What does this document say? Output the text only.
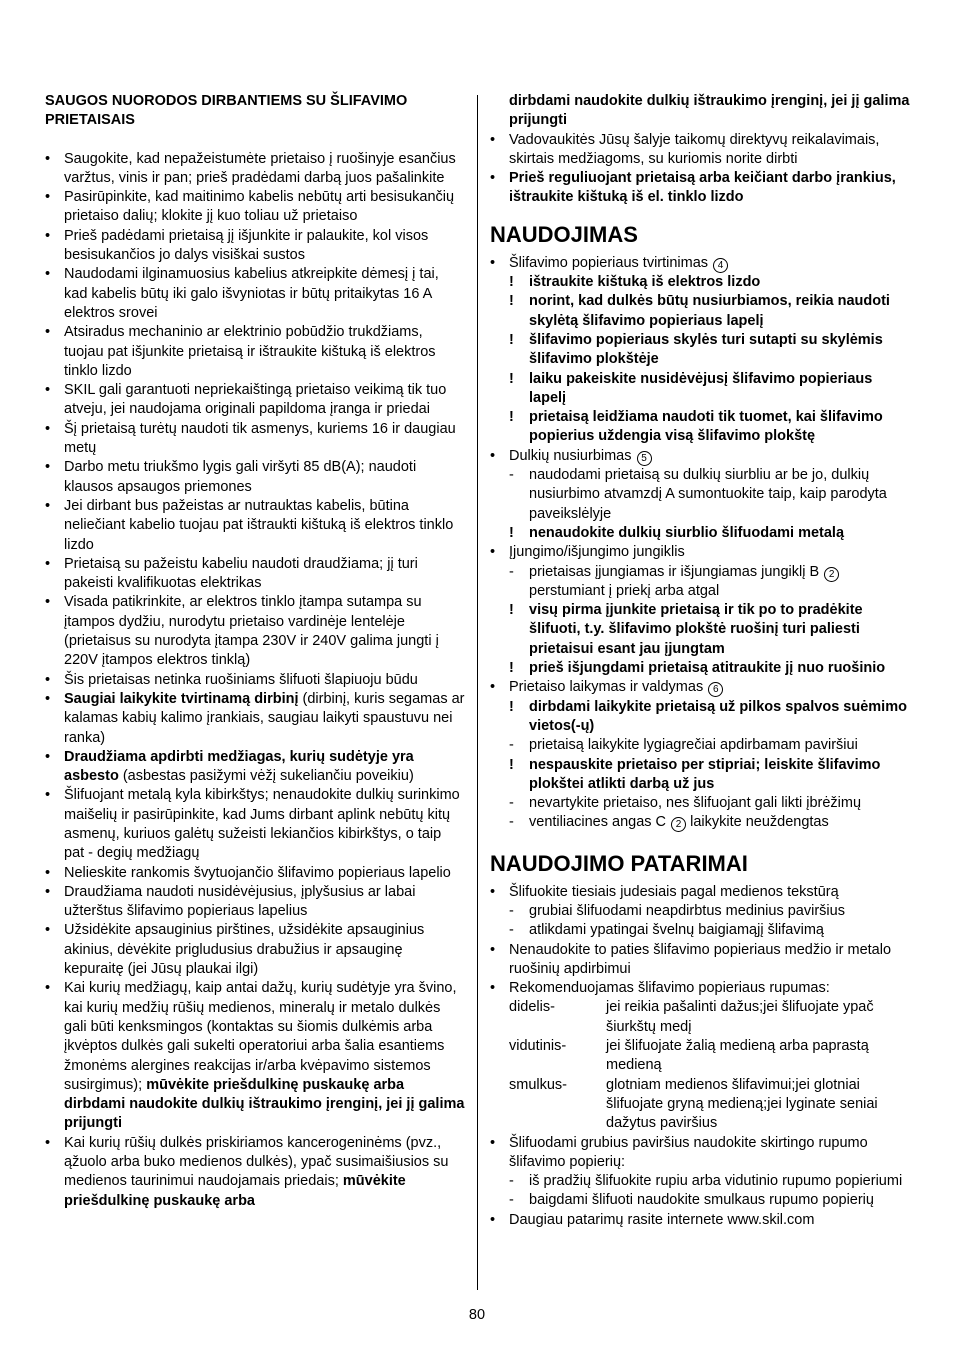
SAUGOS NUORODOS DIRBANTIEMS SU ŠLIFAVIMO PRIETAISAIS
• Saugokite, kad nepažeistumėte prietaiso į ruošinyje esančius varžtus, vinis ir pan; prieš pradėdami darbą juos pašalinkite
• Pasirūpinkite, kad maitinimo kabelis nebūtų arti besisukančių prietaiso dalių; klokite jį kuo toliau už prietaiso
• Prieš padėdami prietaisą jį išjunkite ir palaukite, kol visos besisukančios jo dalys visiškai sustos
• Naudodami ilginamuosius kabelius atkreipkite dėmesį į tai, kad kabelis būtų iki galo išvyniotas ir būtų pritaikytas 16 A elektros srovei
• Atsiradus mechaninio ar elektrinio pobūdžio trukdžiams, tuojau pat išjunkite prietaisą ir ištraukite kištuką iš elektros tinklo lizdo
• SKIL gali garantuoti nepriekaištingą prietaiso veikimą tik tuo atveju, jei naudojama originali papildoma įranga ir priedai
• Šį prietaisą turėtų naudoti tik asmenys, kuriems 16 ir daugiau metų
• Darbo metu triukšmo lygis gali viršyti 85 dB(A); naudoti klausos apsaugos priemones
• Jei dirbant bus pažeistas ar nutrauktas kabelis, būtina neliečiant kabelio tuojau pat ištraukti kištuką iš elektros tinklo lizdo
• Prietaisą su pažeistu kabeliu naudoti draudžiama; jį turi pakeisti kvalifikuotas elektrikas
• Visada patikrinkite, ar elektros tinklo įtampa sutampa su įtampos dydžiu, nurodytu prietaiso vardinėje lentelėje (prietaisus su nurodyta įtampa 230V ir 240V galima jungti į 220V įtampos elektros tinklą)
• Šis prietaisas netinka ruošiniams šlifuoti šlapiuoju būdu
• Saugiai laikykite tvirtinamą dirbinį (dirbinį, kuris segamas ar kalamas kabių kalimo įrankiais, saugiau laikyti spaustuvu nei ranka)
• Draudžiama apdirbti medžiagas, kurių sudėtyje yra asbesto (asbestas pasižymi vėžį sukeliančiu poveikiu)
• Šlifuojant metalą kyla kibirkštys; nenaudokite dulkių surinkimo maišelių ir pasirūpinkite, kad Jums dirbant aplink nebūtų kitų asmenų, kuriuos galėtų sužeisti lekiančios kibirkštys, o taip pat - degių medžiagų
• Nelieskite rankomis švytuojančio šlifavimo popieriaus lapelio
• Draudžiama naudoti nusidėvėjusius, įplyšusius ar labai užterštus šlifavimo popieriaus lapelius
• Užsidėkite apsauginius pirštines, užsidėkite apsauginius akinius, dėvėkite prigludusius drabužius ir apsauginę kepuraitę (jei Jūsų plaukai ilgi)
• Kai kurių medžiagų, kaip antai dažų, kurių sudėtyje yra švino, kai kurių medžių rūšių medienos, mineralų ir metalo dulkės gali būti kenksmingos (kontaktas su šiomis dulkėmis arba įkvėptos dulkės gali sukelti operatoriui arba šalia esantiems žmonėms alergines reakcijas ir/arba kvėpavimo sistemos susirgimus); mūvėkite priešdulkinę puskaukę arba dirbdami naudokite dulkių ištraukimo įrenginį, jei jį galima prijungti
• Kai kurių rūšių dulkės priskiriamos kancerogeninėms (pvz., ąžuolo arba buko medienos dulkės), ypač susimaišiusios su medienos taurinimui naudojamais priedais; mūvėkite priešdulkinę puskaukę arba
dirbdami naudokite dulkių ištraukimo įrenginį, jei jį galima prijungti
• Vadovaukitės Jūsų šalyje taikomų direktyvų reikalavimais, skirtais medžiagoms, su kuriomis norite dirbti
• Prieš reguliuojant prietaisą arba keičiant darbo įrankius, ištraukite kištuką iš el. tinklo lizdo
NAUDOJIMAS
• Šlifavimo popieriaus tvirtinimas 4
! ištraukite kištuką iš elektros lizdo
! norint, kad dulkės būtų nusiurbiamos, reikia naudoti skylėtą šlifavimo popieriaus lapelį
! šlifavimo popieriaus skylės turi sutapti su skylėmis šlifavimo plokštėje
! laiku pakeiskite nusidėvėjusį šlifavimo popieriaus lapelį
! prietaisą leidžiama naudoti tik tuomet, kai šlifavimo popierius uždengia visą šlifavimo plokštę
• Dulkių nusiurbimas 5
- naudodami prietaisą su dulkių siurbliu ar be jo, dulkių nusiurbimo atvamzdį A sumontuokite taip, kaip parodyta paveikslėlyje
! nenaudokite dulkių siurblio šlifuodami metalą
• Įjungimo/išjungimo jungiklis
- prietaisas įjungiamas ir išjungiamas jungiklį B 2
perstumiant į priekį arba atgal
! visų pirma įjunkite prietaisą ir tik po to pradėkite šlifuoti, t.y. šlifavimo plokštė ruošinį turi paliesti prietaisui esant jau įjungtam
! prieš išjungdami prietaisą atitraukite jį nuo ruošinio
• Prietaiso laikymas ir valdymas 6
! dirbdami laikykite prietaisą už pilkos spalvos suėmimo vietos(-ų)
- prietaisą laikykite lygiagrečiai apdirbamam paviršiui
! nespauskite prietaiso per stipriai; leiskite šlifavimo plokštei atlikti darbą už jus
- nevartykite prietaiso, nes šlifuojant gali likti įbrėžimų
- ventiliacines angas C 2 laikykite neuždengtas
NAUDOJIMO PATARIMAI
• Šlifuokite tiesiais judesiais pagal medienos tekstūrą
- grubiai šlifuodami neapdirbtus medinius paviršius
- atlikdami ypatingai švelnų baigiamąjį šlifavimą
• Nenaudokite to paties šlifavimo popieriaus medžio ir metalo ruošinių apdirbimui
• Rekomenduojamas šlifavimo popieriaus rupumas:
didelis-	jei reikia pašalinti dažus;jei šlifuojate ypač šiurkštų medį
vidutinis-	jei šlifuojate žalią medieną arba paprastą medieną
smulkus-	glotniam medienos šlifavimui;jei glotniai šlifuojate gryną medieną;jei lyginate seniai dažytus paviršius
• Šlifuodami grubius paviršius naudokite skirtingo rupumo šlifavimo popierių:
- iš pradžių šlifuokite rupiu arba vidutinio rupumo popieriumi
- baigdami šlifuoti naudokite smulkaus rupumo popierių
• Daugiau patarimų rasite internete www.skil.com
80
